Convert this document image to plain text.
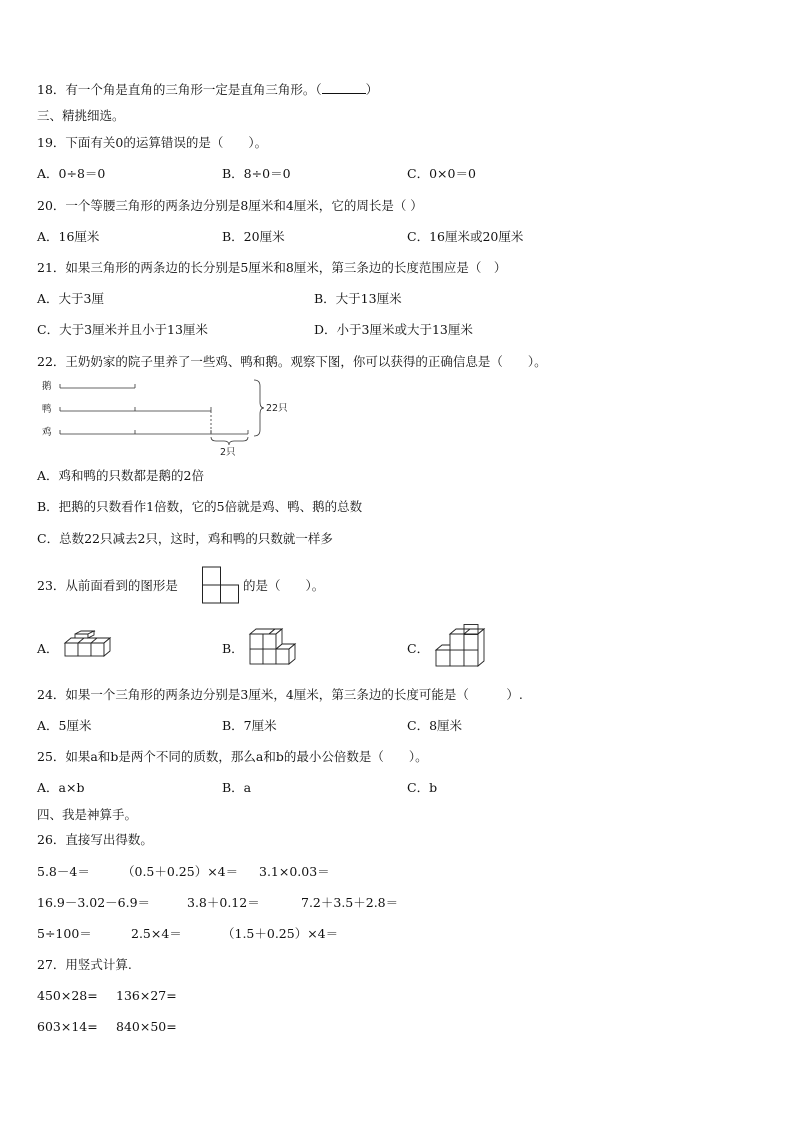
18．有一个角是直角的三角形一定是直角三角形。（	）
三、精挑细选。
19．下面有关0的运算错误的是（　　）。
A．0÷8＝0	B．8÷0＝0	C．0×0＝0
20．一个等腰三角形的两条边分别是8厘米和4厘米，它的周长是（ ）
A．16厘米	B．20厘米	C．16厘米或20厘米
21．如果三角形的两条边的长分别是5厘米和8厘米，第三条边的长度范围应是（　）
A．大于3厘	B．大于13厘米
C．大于3厘米并且小于13厘米	D．小于3厘米或大于13厘米
22．王奶奶家的院子里养了一些鸡、鸭和鹅。观察下图，你可以获得的正确信息是（　　）。
鹅
鸭
鸡
22只
2只
A．鸡和鸭的只数都是鹅的2倍
B．把鹅的只数看作1倍数，它的5倍就是鸡、鸭、鹅的总数
C．总数22只减去2只，这时，鸡和鸭的只数就一样多
23．从前面看到的图形是	的是（　　）。
A．	B．	C．
24．如果一个三角形的两条边分别是3厘米，4厘米，第三条边的长度可能是（　　　）.
A．5厘米	B．7厘米	C．8厘米
25．如果a和b是两个不同的质数，那么a和b的最小公倍数是（　　）。
A．a×b	B．a	C．b
四、我是神算手。
26．直接写出得数。
5.8－4＝	（0.5＋0.25）×4＝ 3.1×0.03＝
16.9－3.02－6.9＝	3.8＋0.12＝	7.2＋3.5＋2.8＝
5÷100＝	2.5×4＝	（1.5＋0.25）×4＝
27．用竖式计算.
450×28= 136×27=
603×14= 840×50=
